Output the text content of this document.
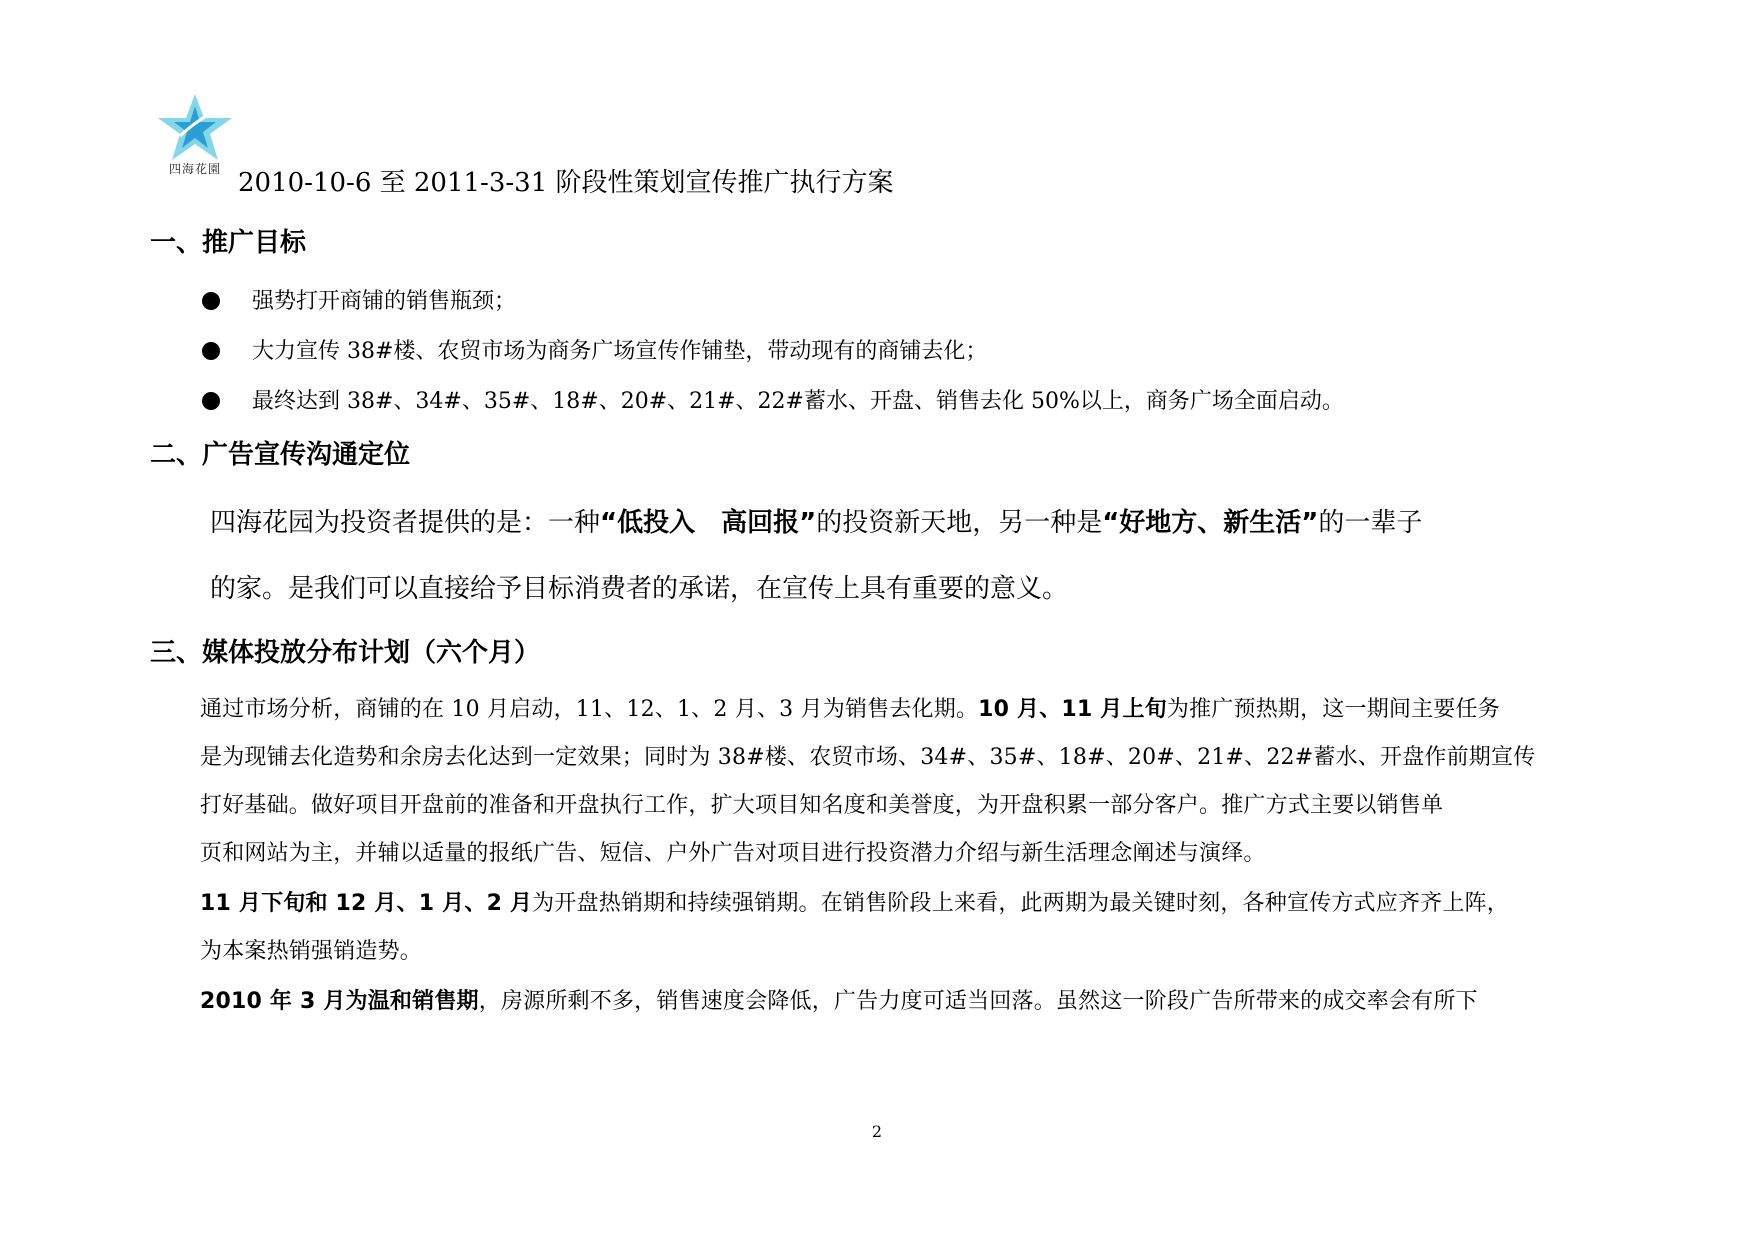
四海花園 2010-10-6 至 2011-3-31 阶段性策划宣传推广执行方案
一、推广目标
强势打开商铺的销售瓶颈；
大力宣传 38#楼、农贸市场为商务广场宣传作铺垫，带动现有的商铺去化；
最终达到 38#、34#、35#、18#、20#、21#、22#蓄水、开盘、销售去化 50%以上，商务广场全面启动。
二、广告宣传沟通定位
四海花园为投资者提供的是：一种“低投入　高回报”的投资新天地，另一种是“好地方、新生活”的一辈子
的家。是我们可以直接给予目标消费者的承诺，在宣传上具有重要的意义。
三、媒体投放分布计划（六个月）
通过市场分析，商铺的在 10 月启动，11、12、1、2 月、3 月为销售去化期。10 月、11 月上旬为推广预热期，这一期间主要任务
是为现铺去化造势和余房去化达到一定效果；同时为 38#楼、农贸市场、34#、35#、18#、20#、21#、22#蓄水、开盘作前期宣传
打好基础。做好项目开盘前的准备和开盘执行工作，扩大项目知名度和美誉度，为开盘积累一部分客户。推广方式主要以销售单
页和网站为主，并辅以适量的报纸广告、短信、户外广告对项目进行投资潜力介绍与新生活理念阐述与演绎。
11 月下旬和 12 月、1 月、2 月为开盘热销期和持续强销期。在销售阶段上来看，此两期为最关键时刻，各种宣传方式应齐齐上阵，
为本案热销强销造势。
2010 年 3 月为温和销售期，房源所剩不多，销售速度会降低，广告力度可适当回落。虽然这一阶段广告所带来的成交率会有所下
2
